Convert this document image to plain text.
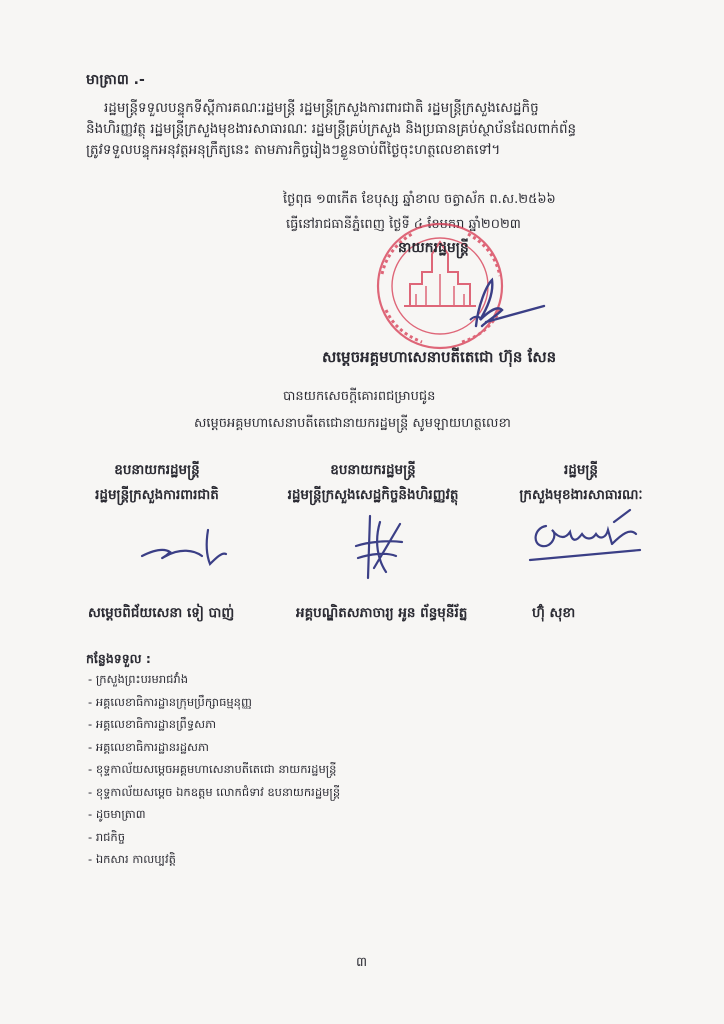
មាត្រា៣ .-

រដ្ឋមន្ត្រីទទួលបន្ទុកទីស្តីការគណៈរដ្ឋមន្ត្រី រដ្ឋមន្ត្រីក្រសួងការពារជាតិ រដ្ឋមន្ត្រីក្រសួងសេដ្ឋកិច្ច
និងហិរញ្ញវត្ថុ រដ្ឋមន្ត្រីក្រសួងមុខងារសាធារណៈ រដ្ឋមន្ត្រីគ្រប់ក្រសួង និងប្រធានគ្រប់ស្ថាប័នដែលពាក់ព័ន្ធ
ត្រូវទទួលបន្ទុកអនុវត្តអនុក្រឹត្យនេះ តាមភារកិច្ចរៀងៗខ្លួនចាប់ពីថ្ងៃចុះហត្ថលេខាតទៅ។

ថ្ងៃពុធ ១៣កើត ខែបុស្ស ឆ្នាំខាល ចត្វាស័ក ព.ស.២៥៦៦

ធ្វើនៅរាជធានីភ្នំពេញ ថ្ងៃទី ៤ ខែមករា ឆ្នាំ២០២៣

នាយករដ្ឋមន្ត្រី

សម្តេចអគ្គមហាសេនាបតីតេជោ ហ៊ុន សែន

បានយកសេចក្តីគោរពជម្រាបជូន

សម្តេចអគ្គមហាសេនាបតីតេជោនាយករដ្ឋមន្ត្រី សូមឡាយហត្ថលេខា

ឧបនាយករដ្ឋមន្ត្រី
រដ្ឋមន្ត្រីក្រសួងការពារជាតិ
ឧបនាយករដ្ឋមន្ត្រី
រដ្ឋមន្ត្រីក្រសួងសេដ្ឋកិច្ចនិងហិរញ្ញវត្ថុ
រដ្ឋមន្ត្រី
ក្រសួងមុខងារសាធារណៈ

សម្តេចពិជ័យសេនា ទៀ បាញ់	អគ្គបណ្ឌិតសភាចារ្យ អូន ព័ន្ធមុនីរ័ត្ន	ហ៊ុំ សុខា

កន្លែងទទួល :

- ក្រសួងព្រះបរមរាជវាំង
- អគ្គលេខាធិការដ្ឋានក្រុមប្រឹក្សាធម្មនុញ្ញ
- អគ្គលេខាធិការដ្ឋានព្រឹទ្ធសភា
- អគ្គលេខាធិការដ្ឋានរដ្ឋសភា
- ខុទ្ទកាល័យសម្តេចអគ្គមហាសេនាបតីតេជោ នាយករដ្ឋមន្ត្រី
- ខុទ្ទកាល័យសម្តេច ឯកឧត្តម លោកជំទាវ ឧបនាយករដ្ឋមន្ត្រី
- ដូចមាត្រា៣
- រាជកិច្ច
- ឯកសារ កាលប្បវត្តិ

៣
